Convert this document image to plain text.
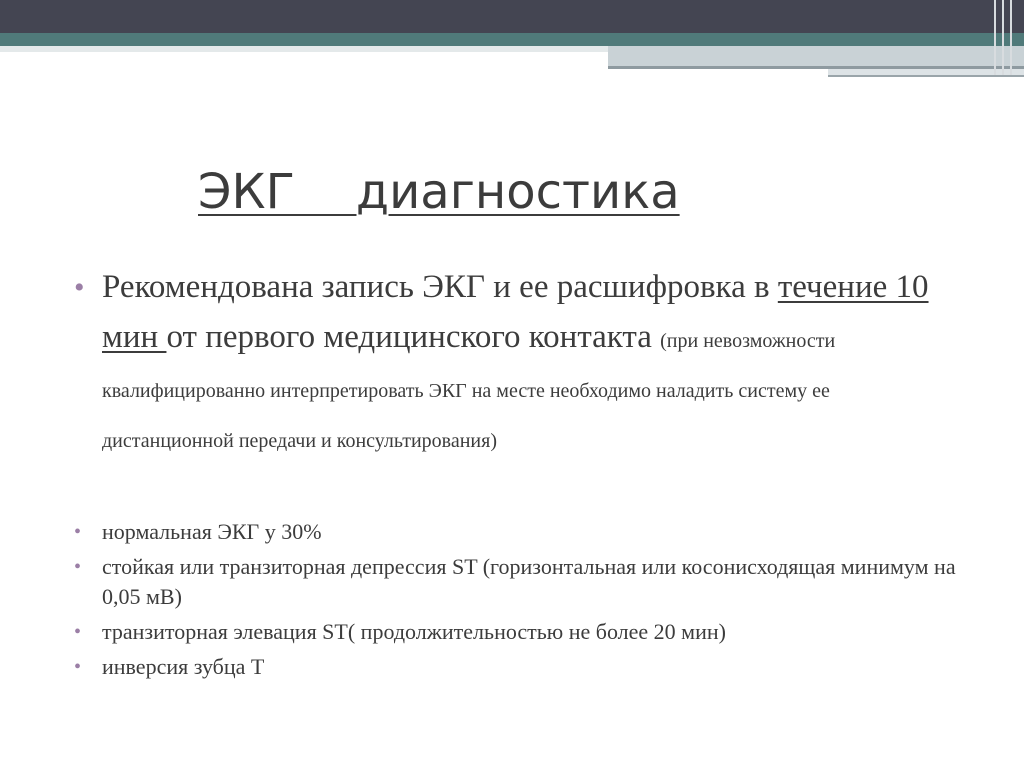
ЭКГ    диагностика
• Рекомендована запись ЭКГ и ее расшифровка в течение 10 мин от первого медицинского контакта (при невозможности квалифицированно интерпретировать ЭКГ на месте необходимо наладить систему ее дистанционной передачи и консультирования)
• нормальная ЭКГ у 30%
• стойкая или транзиторная депрессия ST (горизонтальная или косонисходящая минимум на 0,05 мВ)
• транзиторная элевация ST( продолжительностью не более 20 мин)
• инверсия зубца T
